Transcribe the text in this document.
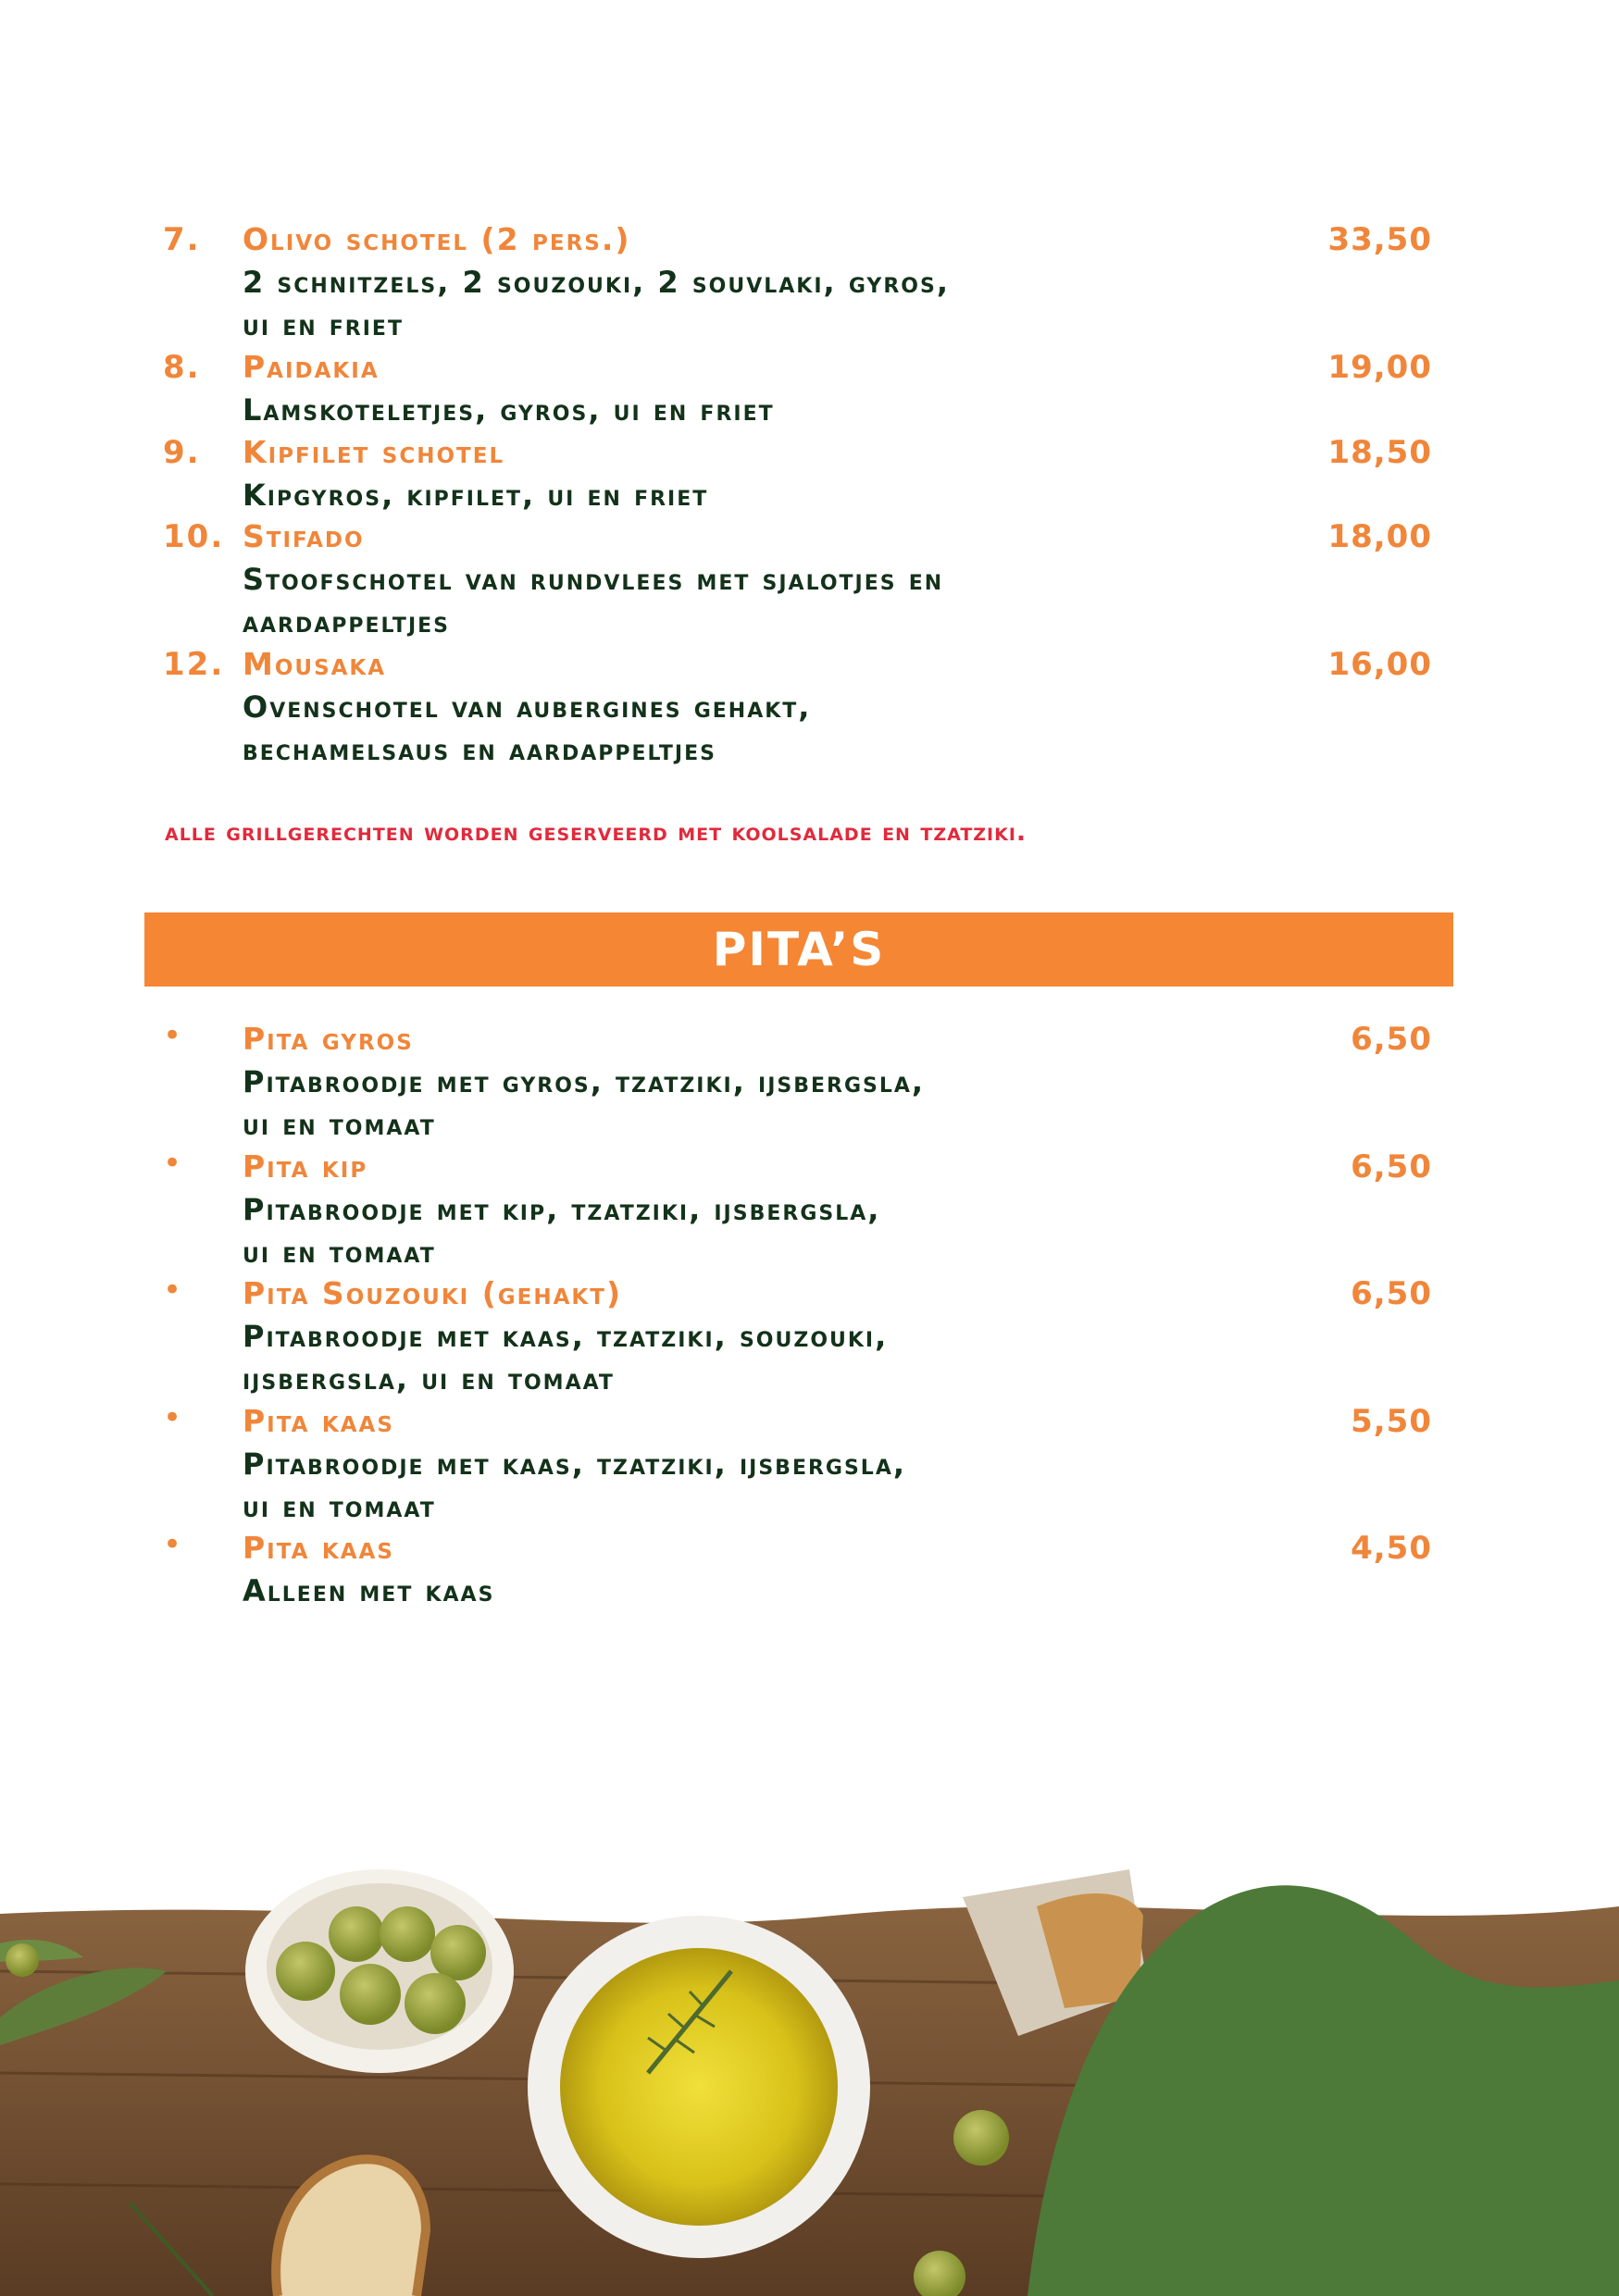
7. Olivo schotel (2 pers.)	33,50
2 schnitzels, 2 souzouki, 2 souvlaki, gyros,
ui en friet
8. Paidakia	19,00
Lamskoteletjes, gyros, ui en friet
9. Kipfilet schotel	18,50
Kipgyros, kipfilet, ui en friet
10. Stifado	18,00
Stoofschotel van rundvlees met sjalotjes en
aardappeltjes
12. Mousaka	16,00
Ovenschotel van aubergines gehakt,
bechamelsaus en aardappeltjes
alle grillgerechten worden geserveerd met koolsalade en tzatziki.
PITA’S
• Pita gyros	6,50
Pitabroodje met gyros, tzatziki, ijsbergsla,
ui en tomaat
• Pita kip	6,50
Pitabroodje met kip, tzatziki, ijsbergsla,
ui en tomaat
• Pita Souzouki (gehakt)	6,50
Pitabroodje met kaas, tzatziki, souzouki,
ijsbergsla, ui en tomaat
• Pita kaas	5,50
Pitabroodje met kaas, tzatziki, ijsbergsla,
ui en tomaat
• Pita kaas	4,50
Alleen met kaas
